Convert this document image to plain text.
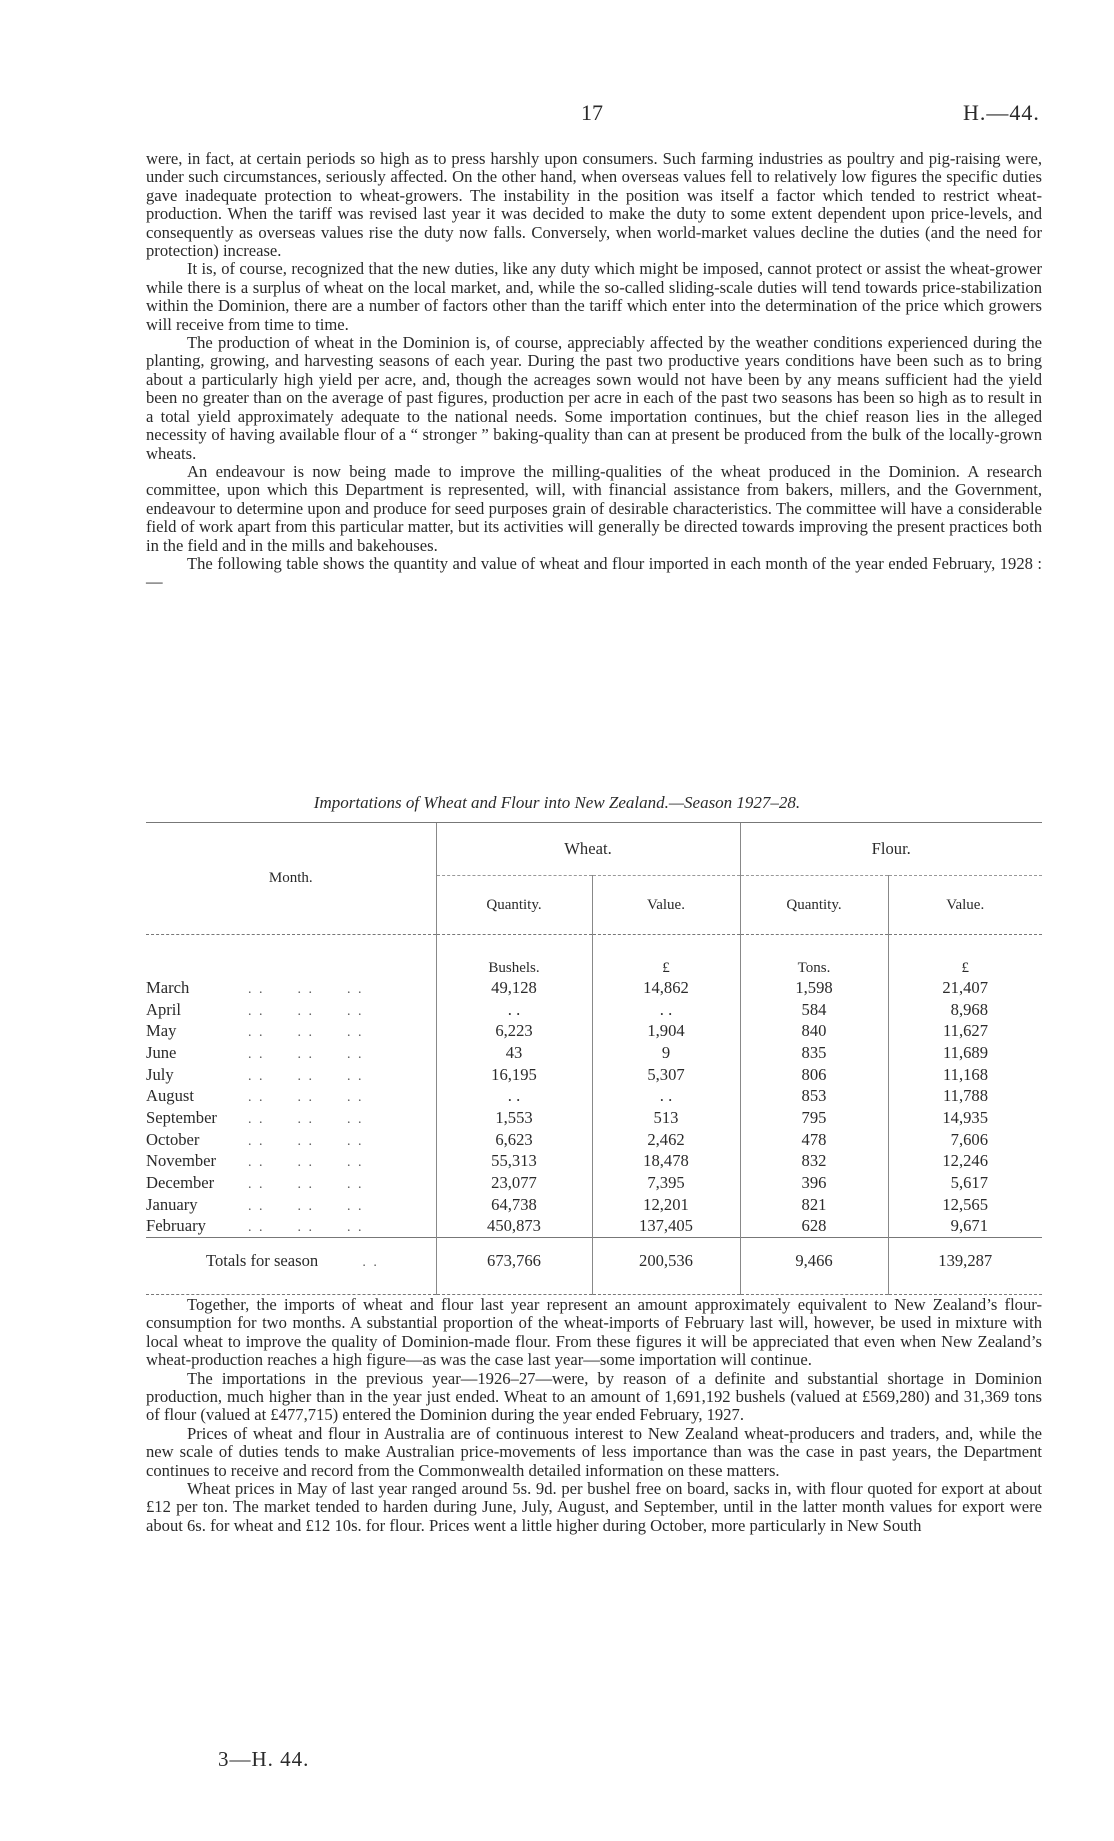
17	H.—44.

were, in fact, at certain periods so high as to press harshly upon consumers. Such farming industries as poultry and pig-raising were, under such circumstances, seriously affected. On the other hand, when overseas values fell to relatively low figures the specific duties gave inadequate protection to wheat-growers. The instability in the position was itself a factor which tended to restrict wheat-production. When the tariff was revised last year it was decided to make the duty to some extent dependent upon price-levels, and consequently as overseas values rise the duty now falls. Conversely, when world-market values decline the duties (and the need for protection) increase.

It is, of course, recognized that the new duties, like any duty which might be imposed, cannot protect or assist the wheat-grower while there is a surplus of wheat on the local market, and, while the so-called sliding-scale duties will tend towards price-stabilization within the Dominion, there are a number of factors other than the tariff which enter into the determination of the price which growers will receive from time to time.

The production of wheat in the Dominion is, of course, appreciably affected by the weather conditions experienced during the planting, growing, and harvesting seasons of each year. During the past two productive years conditions have been such as to bring about a particularly high yield per acre, and, though the acreages sown would not have been by any means sufficient had the yield been no greater than on the average of past figures, production per acre in each of the past two seasons has been so high as to result in a total yield approximately adequate to the national needs. Some importation continues, but the chief reason lies in the alleged necessity of having available flour of a “ stronger ” baking-quality than can at present be produced from the bulk of the locally-grown wheats.

An endeavour is now being made to improve the milling-qualities of the wheat produced in the Dominion. A research committee, upon which this Department is represented, will, with financial assistance from bakers, millers, and the Government, endeavour to determine upon and produce for seed purposes grain of desirable characteristics. The committee will have a considerable field of work apart from this particular matter, but its activities will generally be directed towards improving the present practices both in the field and in the mills and bakehouses.

The following table shows the quantity and value of wheat and flour imported in each month of the year ended February, 1928 :—

Importations of Wheat and Flour into New Zealand.—Season 1927–28.

Month.	Wheat.		Flour.	
	Quantity.	Value.	Quantity.	Value.

	Bushels.	£	Tons.	£
March . .      . .      . .	49,128	14,862	1,598	21,407
April . .      . .      . .	. .	. .	584	8,968
May . .      . .      . .	6,223	1,904	840	11,627
June . .      . .      . .	43	9	835	11,689
July . .      . .      . .	16,195	5,307	806	11,168
August . .      . .      . .	. .	. .	853	11,788
September . .      . .      . .	1,553	513	795	14,935
October . .      . .      . .	6,623	2,462	478	7,606
November . .      . .      . .	55,313	18,478	832	12,246
December . .      . .      . .	23,077	7,395	396	5,617
January . .      . .      . .	64,738	12,201	821	12,565
February . .      . .      . .	450,873	137,405	628	9,671

Totals for season . .	673,766	200,536	9,466	139,287

Together, the imports of wheat and flour last year represent an amount approximately equivalent to New Zealand’s flour-consumption for two months. A substantial proportion of the wheat-imports of February last will, however, be used in mixture with local wheat to improve the quality of Dominion-made flour. From these figures it will be appreciated that even when New Zealand’s wheat-production reaches a high figure—as was the case last year—some importation will continue.

The importations in the previous year—1926–27—were, by reason of a definite and substantial shortage in Dominion production, much higher than in the year just ended. Wheat to an amount of 1,691,192 bushels (valued at £569,280) and 31,369 tons of flour (valued at £477,715) entered the Dominion during the year ended February, 1927.

Prices of wheat and flour in Australia are of continuous interest to New Zealand wheat-producers and traders, and, while the new scale of duties tends to make Australian price-movements of less importance than was the case in past years, the Department continues to receive and record from the Commonwealth detailed information on these matters.

Wheat prices in May of last year ranged around 5s. 9d. per bushel free on board, sacks in, with flour quoted for export at about £12 per ton. The market tended to harden during June, July, August, and September, until in the latter month values for export were about 6s. for wheat and £12 10s. for flour. Prices went a little higher during October, more particularly in New South

3—H. 44.
